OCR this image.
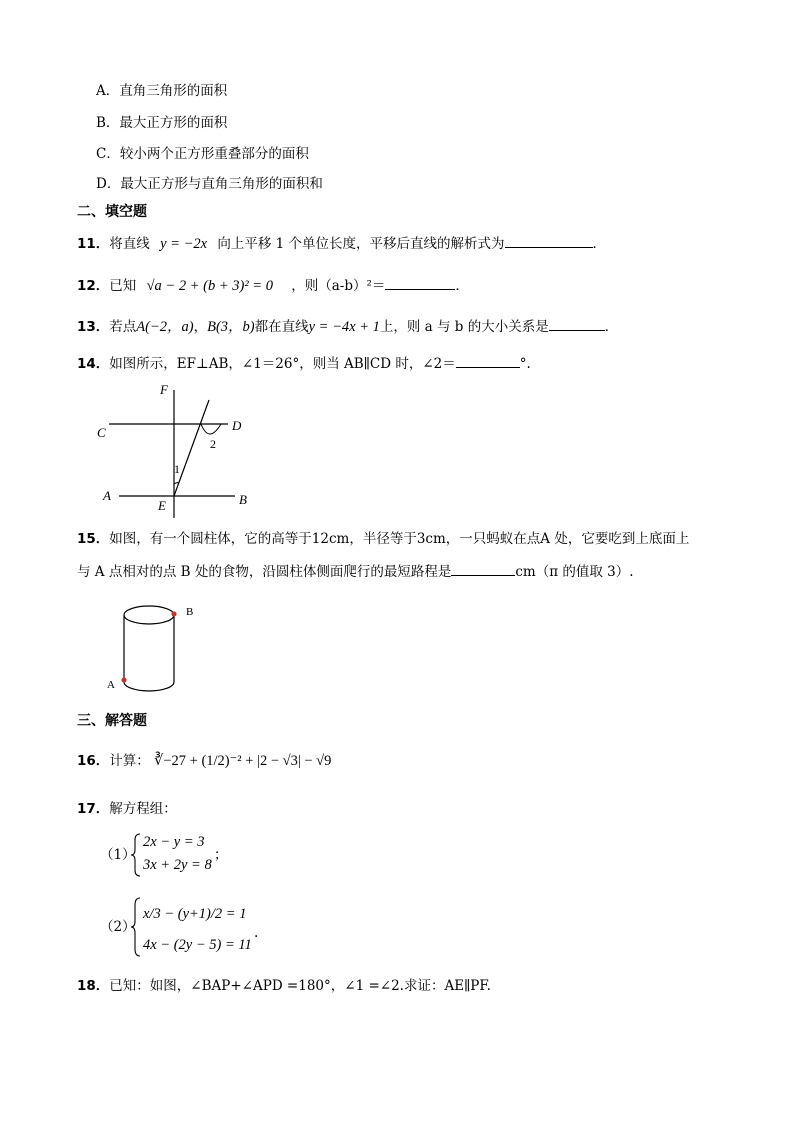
A．直角三角形的面积
B．最大正方形的面积
C．较小两个正方形重叠部分的面积
D．最大正方形与直角三角形的面积和
二、填空题
11．将直线 y = −2x 向上平移 1 个单位长度，平移后直线的解析式为	．
12．已知 √a − 2 + (b + 3)² = 0 ，则（a-b）²＝	．
13．若点A(−2，a)，B(3，b)都在直线y = −4x + 1上，则 a 与 b 的大小关系是	．
14．如图所示，EF⊥AB，∠1＝26°，则当 AB∥CD 时，∠2＝	°.
F
C	D
A	B
E
1
2
15．如图，有一个圆柱体，它的高等于12cm，半径等于3cm，一只蚂蚁在点A 处，它要吃到上底面上
与 A 点相对的点 B 处的食物，沿圆柱体侧面爬行的最短路程是	cm（π 的值取 3）.
B
A
三、解答题
16．计算： ∛−27 + (1/2)⁻² + |2 − √3| − √9
17．解方程组：
（1）
2x − y = 3
3x + 2y = 8
；
（2）
x/3 − (y+1)/2 = 1
4x − (2y − 5) = 11
.
18．已知：如图，∠BAP+∠APD =180°，∠1 =∠2.求证：AE∥PF.
